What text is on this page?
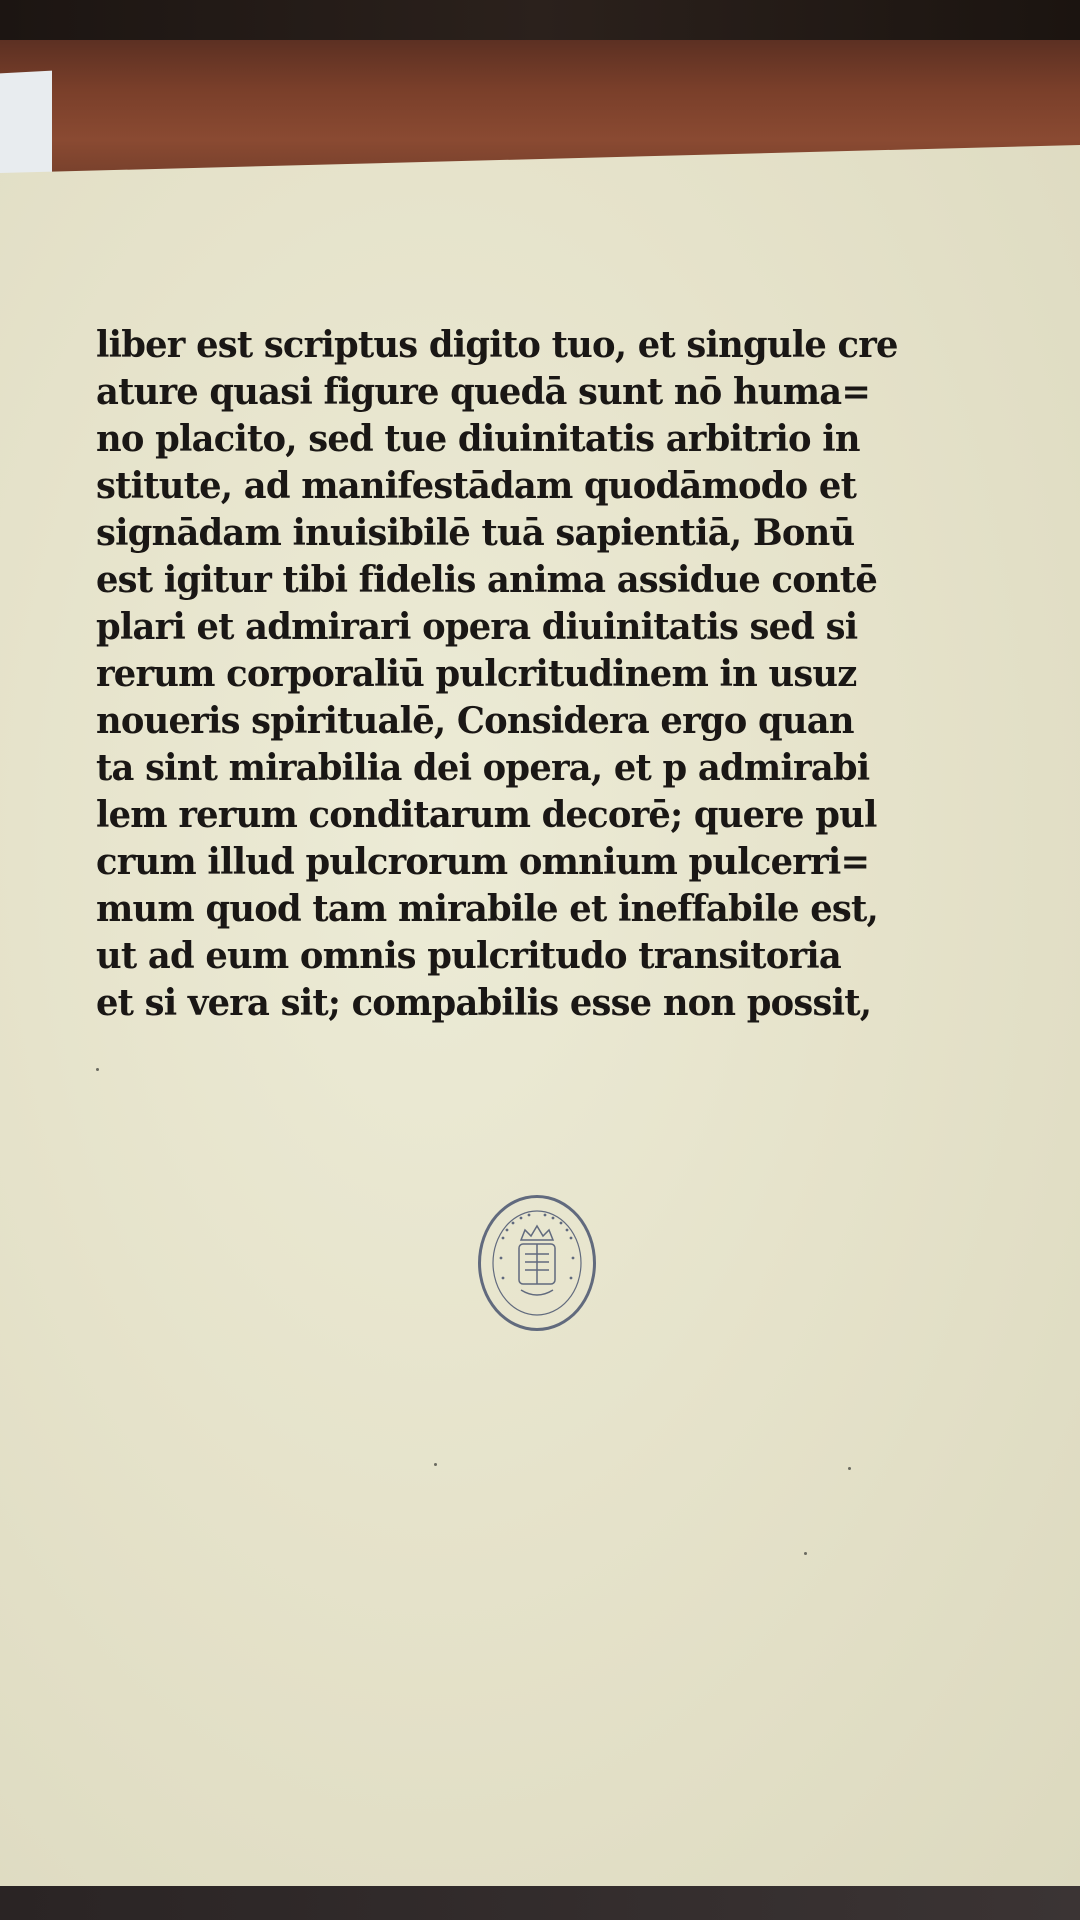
liber est scriptus digito tuo, et singule cre
ature quasi figure quedā sunt nō huma=
no placito, sed tue diuinitatis arbitrio in
stitute, ad manifestādam quodāmodo et
signādam inuisibilē tuā sapientiā, Bonū
est igitur tibi fidelis anima assidue contē
plari et admirari opera diuinitatis sed si
rerum corporaliū pulcritudinem in usuz
noueris spiritualē, Considera ergo quan
ta sint mirabilia dei opera, et p admirabi
lem rerum conditarum decorē; quere pul
crum illud pulcrorum omnium pulcerri=
mum quod tam mirabile et ineffabile est,
ut ad eum omnis pulcritudo transitoria
et si vera sit; compabilis esse non possit,
